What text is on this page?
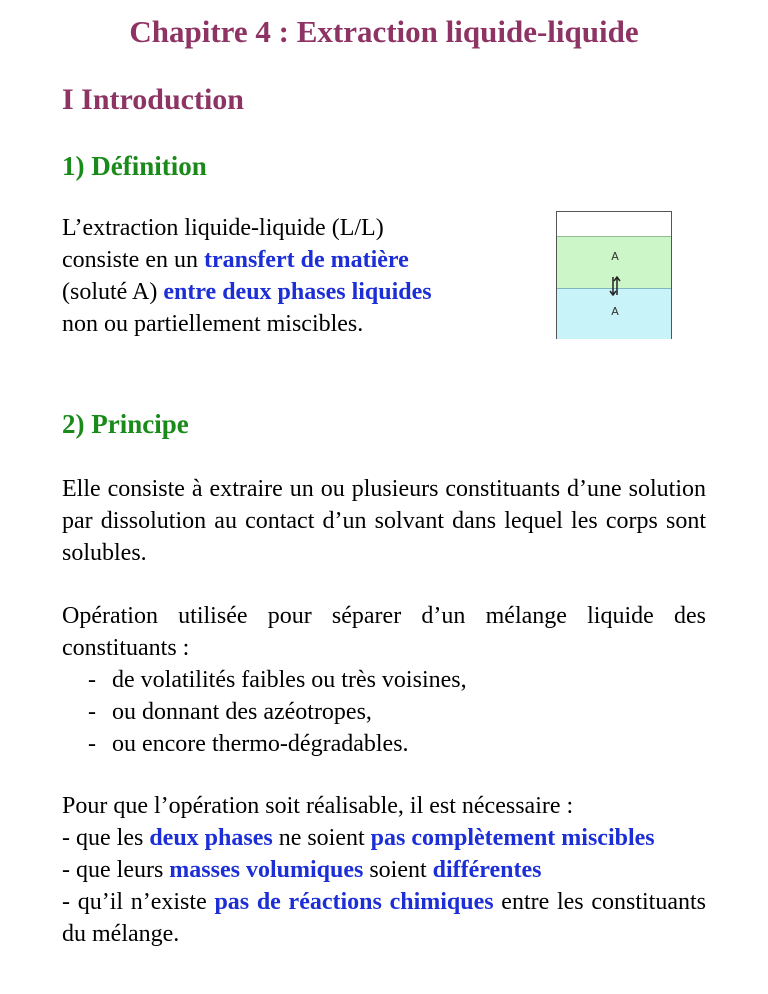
Chapitre 4 : Extraction liquide-liquide
I Introduction
1) Définition

L’extraction liquide-liquide (L/L)
consiste en un transfert de matière
(soluté A) entre deux phases liquides
non ou partiellement miscibles.

A
A
2) Principe

Elle consiste à extraire un ou plusieurs constituants d’une solution par dissolution au contact d’un solvant dans lequel les corps sont solubles.

Opération utilisée pour séparer d’un mélange liquide des constituants :

- de volatilités faibles ou très voisines,
- ou donnant des azéotropes,
- ou encore thermo-dégradables.

Pour que l’opération soit réalisable, il est nécessaire :
- que les deux phases ne soient pas complètement miscibles
- que leurs masses volumiques soient différentes
- qu’il n’existe pas de réactions chimiques entre les constituants du mélange.
